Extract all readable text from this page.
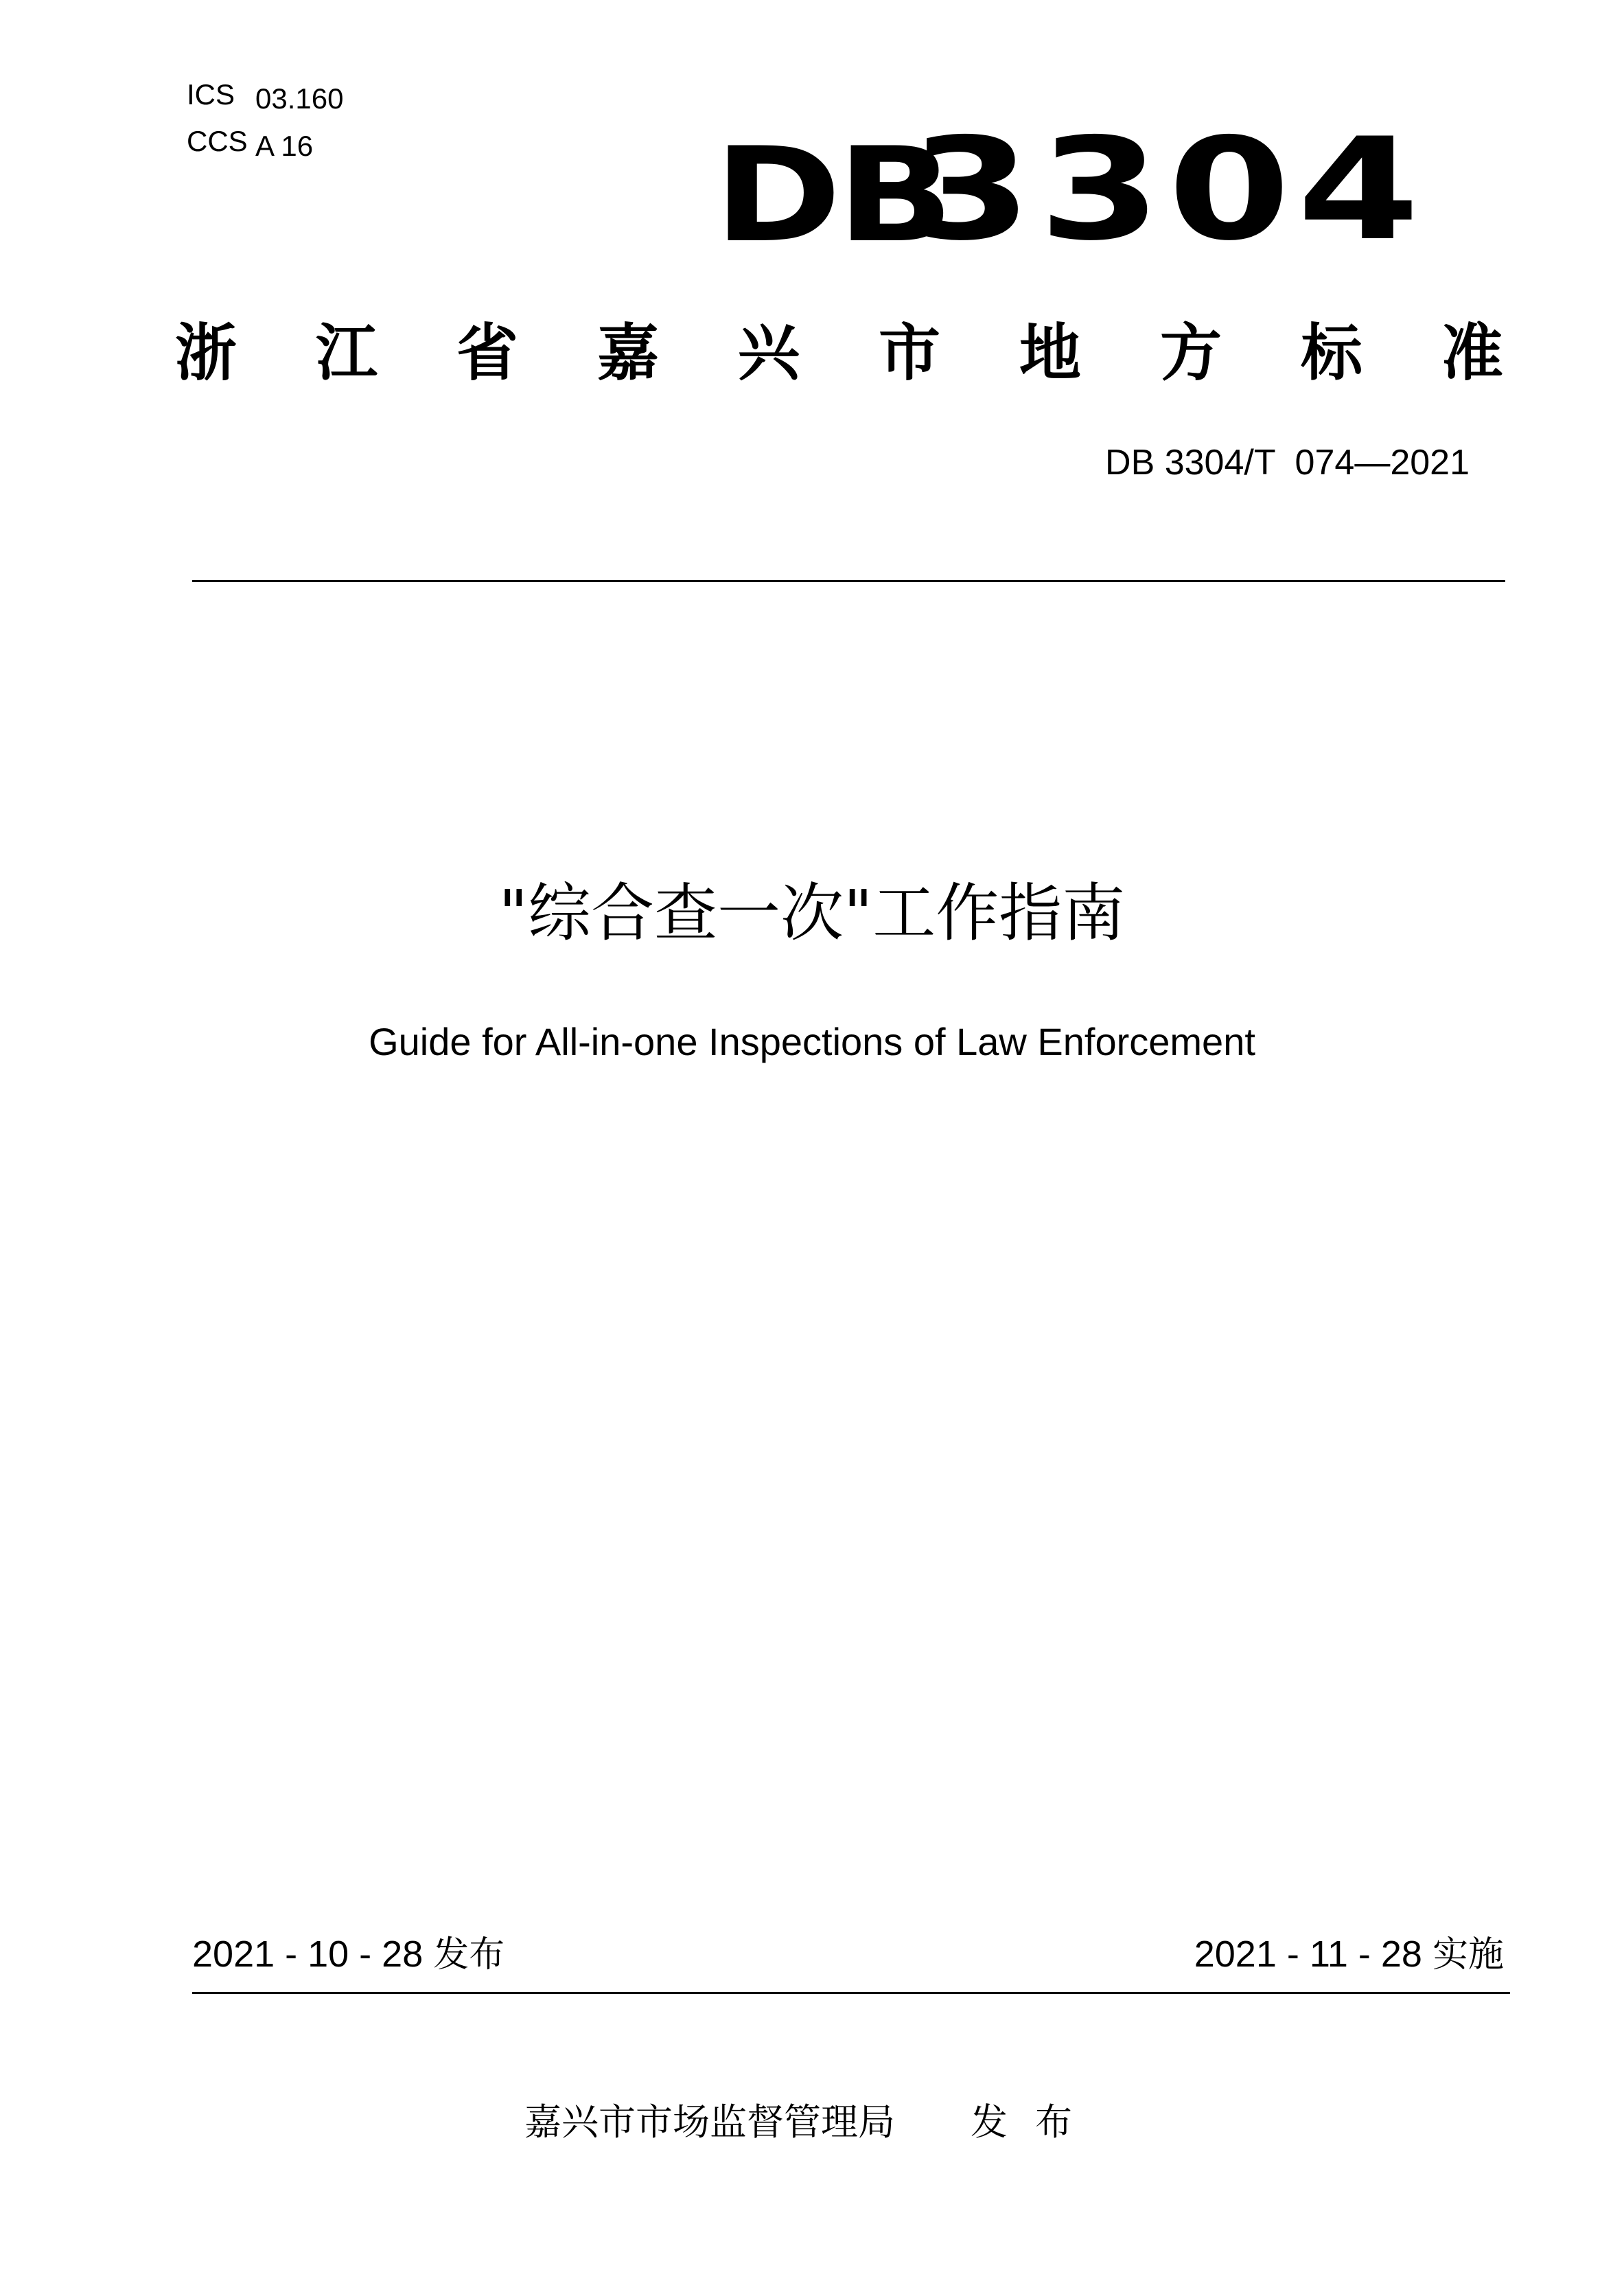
ICS 03.160
CCS A 16	DB
3304
浙 江 省 嘉 兴 市 地 方 标 准
DB 3304/T  074—2021
"综合查一次"工作指南
Guide for All-in-one Inspections of Law Enforcement
2021 - 10 - 28 发布	2021 - 11 - 28 实施
嘉兴市市场监督管理局 发布
